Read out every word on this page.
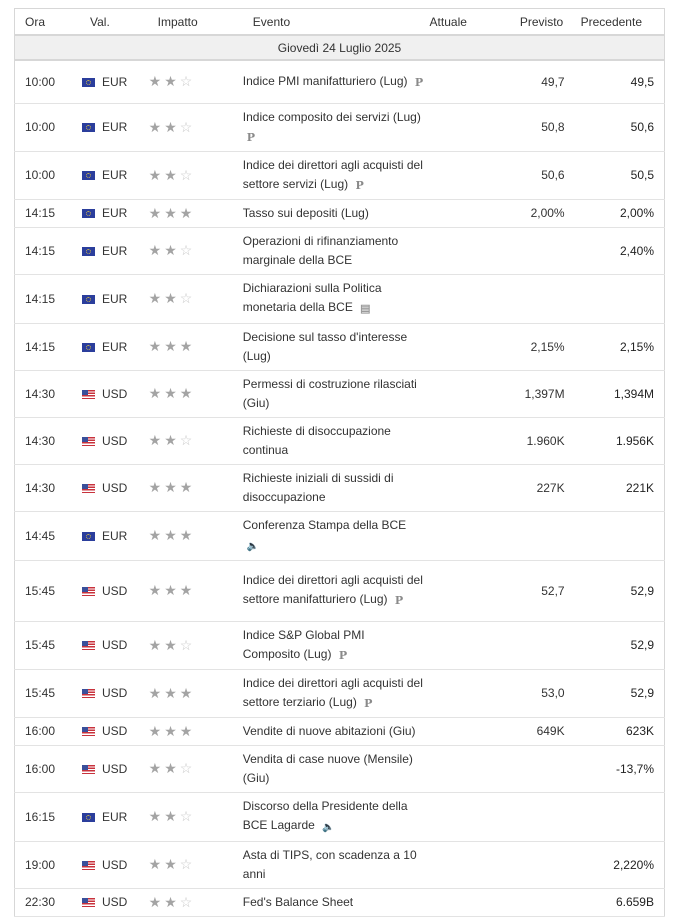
Ora	Val.	Impatto	Evento	Attuale	Previsto	Precedente
Giovedì 24 Luglio 2025						
10:00	EUR	★★☆	Indice PMI manifatturiero (Lug) P		49,7	49,5
10:00	EUR	★★☆	Indice composito dei servizi (Lug) P		50,8	50,6
10:00	EUR	★★☆	Indice dei direttori agli acquisti del settore servizi (Lug) P		50,6	50,5
14:15	EUR	★★★	Tasso sui depositi (Lug)		2,00%	2,00%
14:15	EUR	★★☆	Operazioni di rifinanziamento marginale della BCE			2,40%
14:15	EUR	★★☆	Dichiarazioni sulla Politica monetaria della BCE ▤			
14:15	EUR	★★★	Decisione sul tasso d'interesse (Lug)		2,15%	2,15%
14:30	USD	★★★	Permessi di costruzione rilasciati (Giu)		1,397M	1,394M
14:30	USD	★★☆	Richieste di disoccupazione continua		1.960K	1.956K
14:30	USD	★★★	Richieste iniziali di sussidi di disoccupazione		227K	221K
14:45	EUR	★★★	Conferenza Stampa della BCE 🔈			
15:45	USD	★★★	Indice dei direttori agli acquisti del settore manifatturiero (Lug) P		52,7	52,9
15:45	USD	★★☆	Indice S&P Global PMI Composito (Lug) P			52,9
15:45	USD	★★★	Indice dei direttori agli acquisti del settore terziario (Lug) P		53,0	52,9
16:00	USD	★★★	Vendite di nuove abitazioni (Giu)		649K	623K
16:00	USD	★★☆	Vendita di case nuove (Mensile) (Giu)			-13,7%
16:15	EUR	★★☆	Discorso della Presidente della BCE Lagarde 🔈			
19:00	USD	★★☆	Asta di TIPS, con scadenza a 10 anni			2,220%
22:30	USD	★★☆	Fed's Balance Sheet			6.659B
